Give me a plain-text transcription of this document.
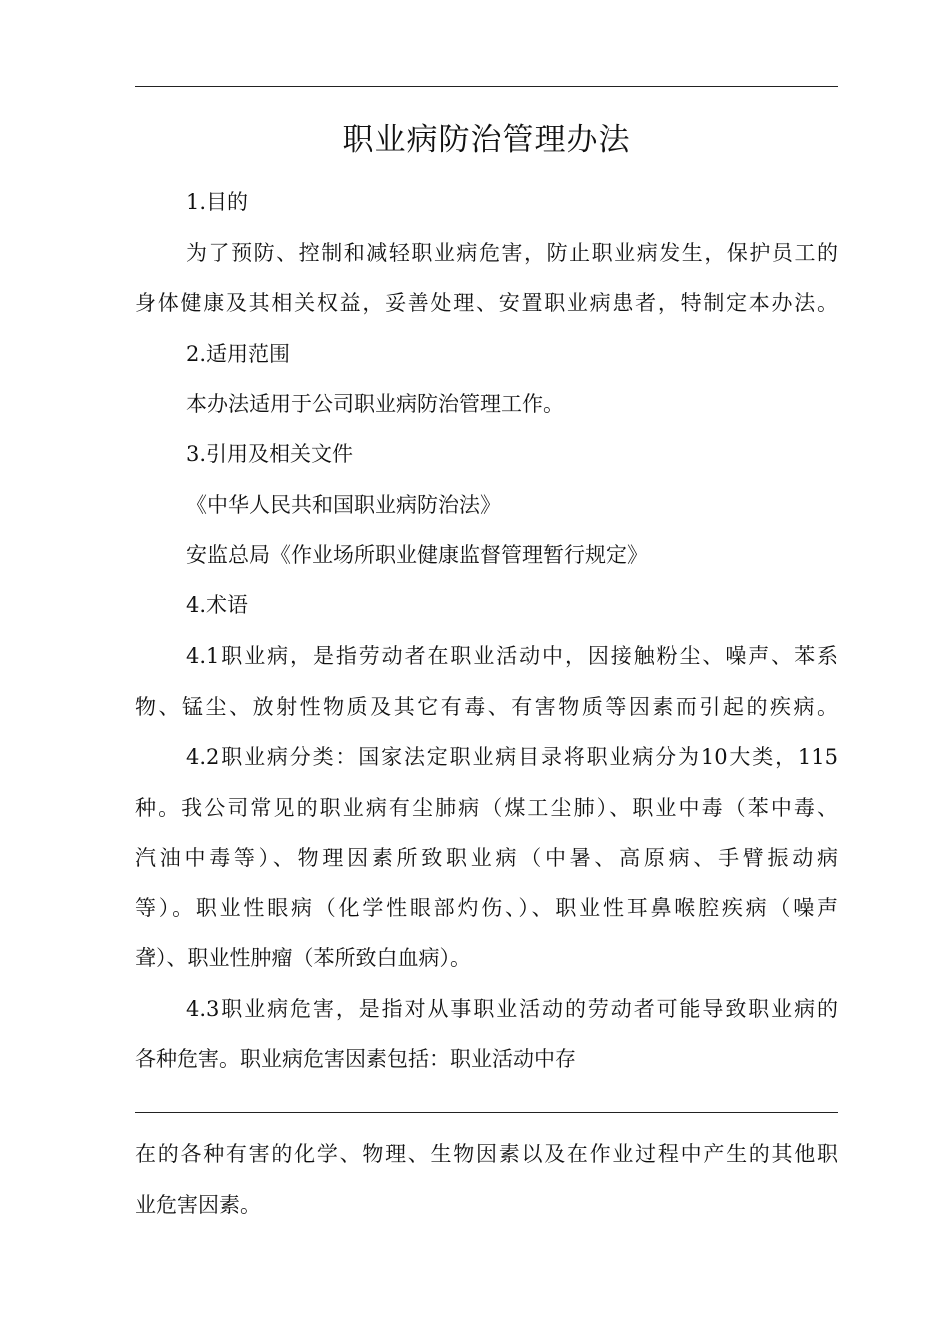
职业病防治管理办法
1.目的
为了预防、控制和减轻职业病危害，防止职业病发生，保护员工的
身体健康及其相关权益，妥善处理、安置职业病患者，特制定本办法。
2.适用范围
本办法适用于公司职业病防治管理工作。
3.引用及相关文件
《中华人民共和国职业病防治法》
安监总局《作业场所职业健康监督管理暂行规定》
4.术语
4.1职业病，是指劳动者在职业活动中，因接触粉尘、噪声、苯系
物、锰尘、放射性物质及其它有毒、有害物质等因素而引起的疾病。
4.2职业病分类：国家法定职业病目录将职业病分为10大类，115
种。我公司常见的职业病有尘肺病（煤工尘肺）、职业中毒（苯中毒、
汽油中毒等）、物理因素所致职业病（中暑、高原病、手臂振动病
等）。职业性眼病（化学性眼部灼伤、）、职业性耳鼻喉腔疾病（噪声
聋）、职业性肿瘤（苯所致白血病）。
4.3职业病危害，是指对从事职业活动的劳动者可能导致职业病的
各种危害。职业病危害因素包括：职业活动中存
在的各种有害的化学、物理、生物因素以及在作业过程中产生的其他职
业危害因素。
